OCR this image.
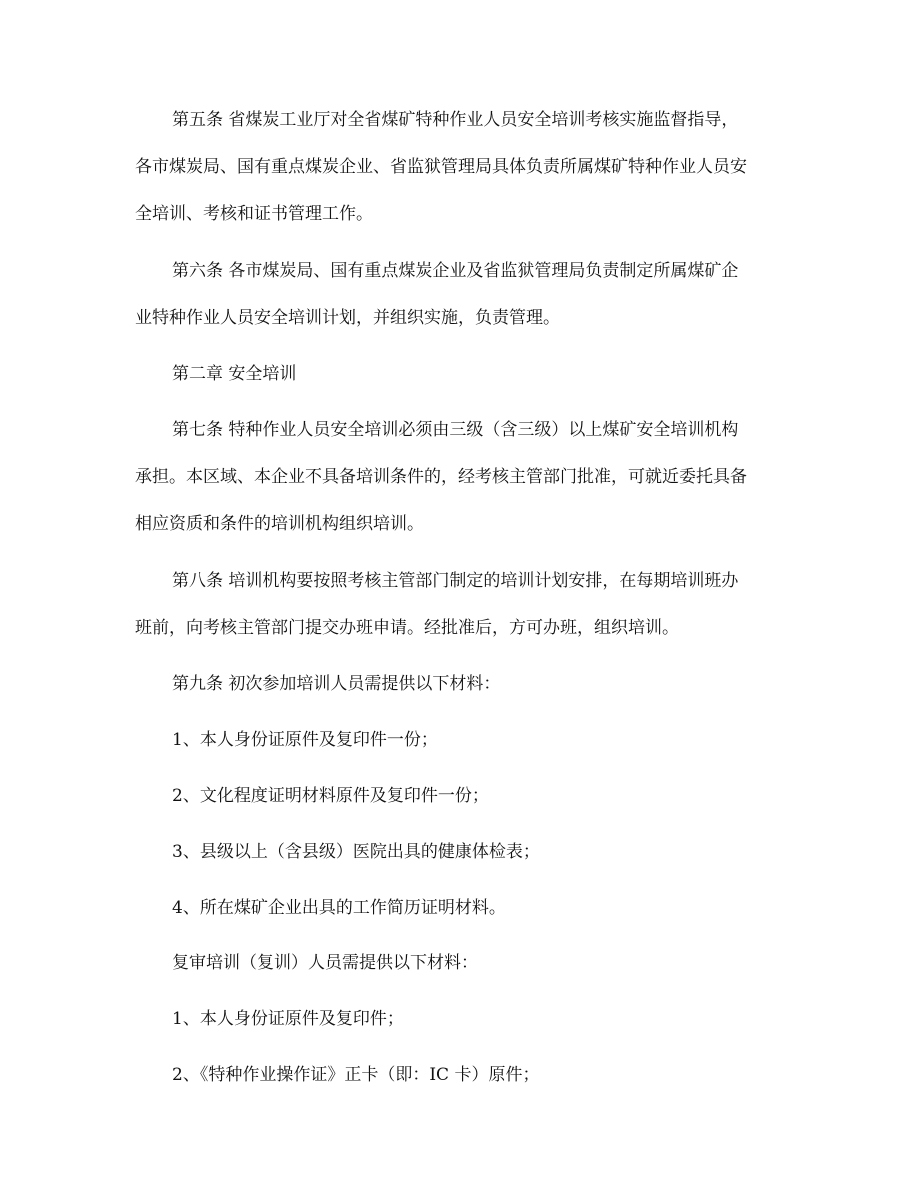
第五条 省煤炭工业厅对全省煤矿特种作业人员安全培训考核实施监督指导，

各市煤炭局、国有重点煤炭企业、省监狱管理局具体负责所属煤矿特种作业人员安

全培训、考核和证书管理工作。

第六条 各市煤炭局、国有重点煤炭企业及省监狱管理局负责制定所属煤矿企

业特种作业人员安全培训计划，并组织实施，负责管理。

第二章 安全培训

第七条 特种作业人员安全培训必须由三级（含三级）以上煤矿安全培训机构

承担。本区域、本企业不具备培训条件的，经考核主管部门批准，可就近委托具备

相应资质和条件的培训机构组织培训。

第八条 培训机构要按照考核主管部门制定的培训计划安排，在每期培训班办

班前，向考核主管部门提交办班申请。经批准后，方可办班，组织培训。

第九条 初次参加培训人员需提供以下材料：

1、本人身份证原件及复印件一份；

2、文化程度证明材料原件及复印件一份；

3、县级以上（含县级）医院出具的健康体检表；

4、所在煤矿企业出具的工作简历证明材料。

复审培训（复训）人员需提供以下材料：

1、本人身份证原件及复印件；

2、《特种作业操作证》正卡（即：IC 卡）原件；
